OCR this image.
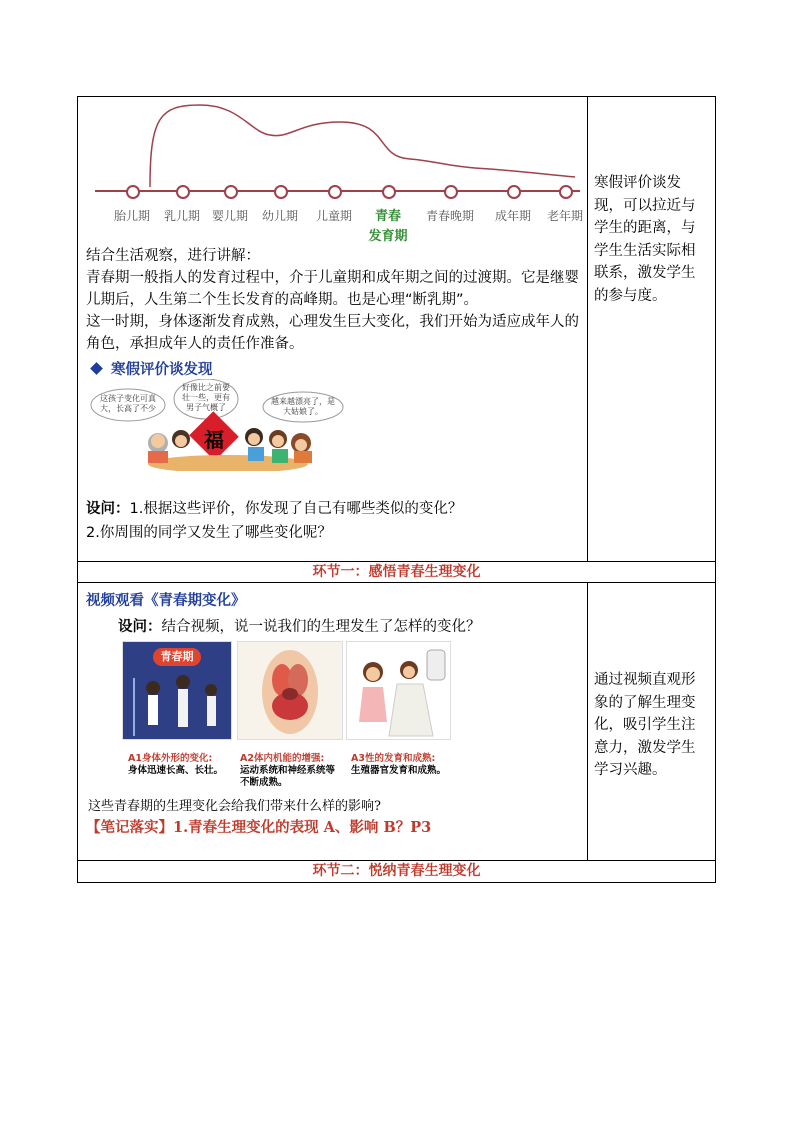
胎儿期 乳儿期 婴儿期 幼儿期 儿童期 青春 青春晚期 成年期 老年期
发育期

结合生活观察，进行讲解：

青春期一般指人的发育过程中，介于儿童期和成年期之间的过渡期。它是继婴儿期后，人生第二个生长发育的高峰期。也是心理“断乳期”。

这一时期，身体逐渐发育成熟，心理发生巨大变化，我们开始为适应成年人的角色，承担成年人的责任作准备。

寒假评价谈发现

这孩子变化可真大，长高了不少
好像比之前要壮一些，更有男子气概了
越来越漂亮了，是大姑娘了。
福

设问：1.根据这些评价，你发现了自己有哪些类似的变化？

2.你周围的同学又发生了哪些变化呢？

寒假评价谈发现，可以拉近与学生的距离，与学生生活实际相联系，激发学生的参与度。
环节一：感悟青春生理变化
视频观看《青春期变化》
设问：结合视频，说一说我们的生理发生了怎样的变化？
青春期
A1身体外形的变化:
身体迅速长高、长壮。
A2体内机能的增强:
运动系统和神经系统等不断成熟。
A3性的发育和成熟:
生殖器官发育和成熟。
这些青春期的生理变化会给我们带来什么样的影响?
【笔记落实】1.青春生理变化的表现 A、影响 B？P3
通过视频直观形象的了解生理变化，吸引学生注意力，激发学生学习兴趣。
环节二：悦纳青春生理变化
